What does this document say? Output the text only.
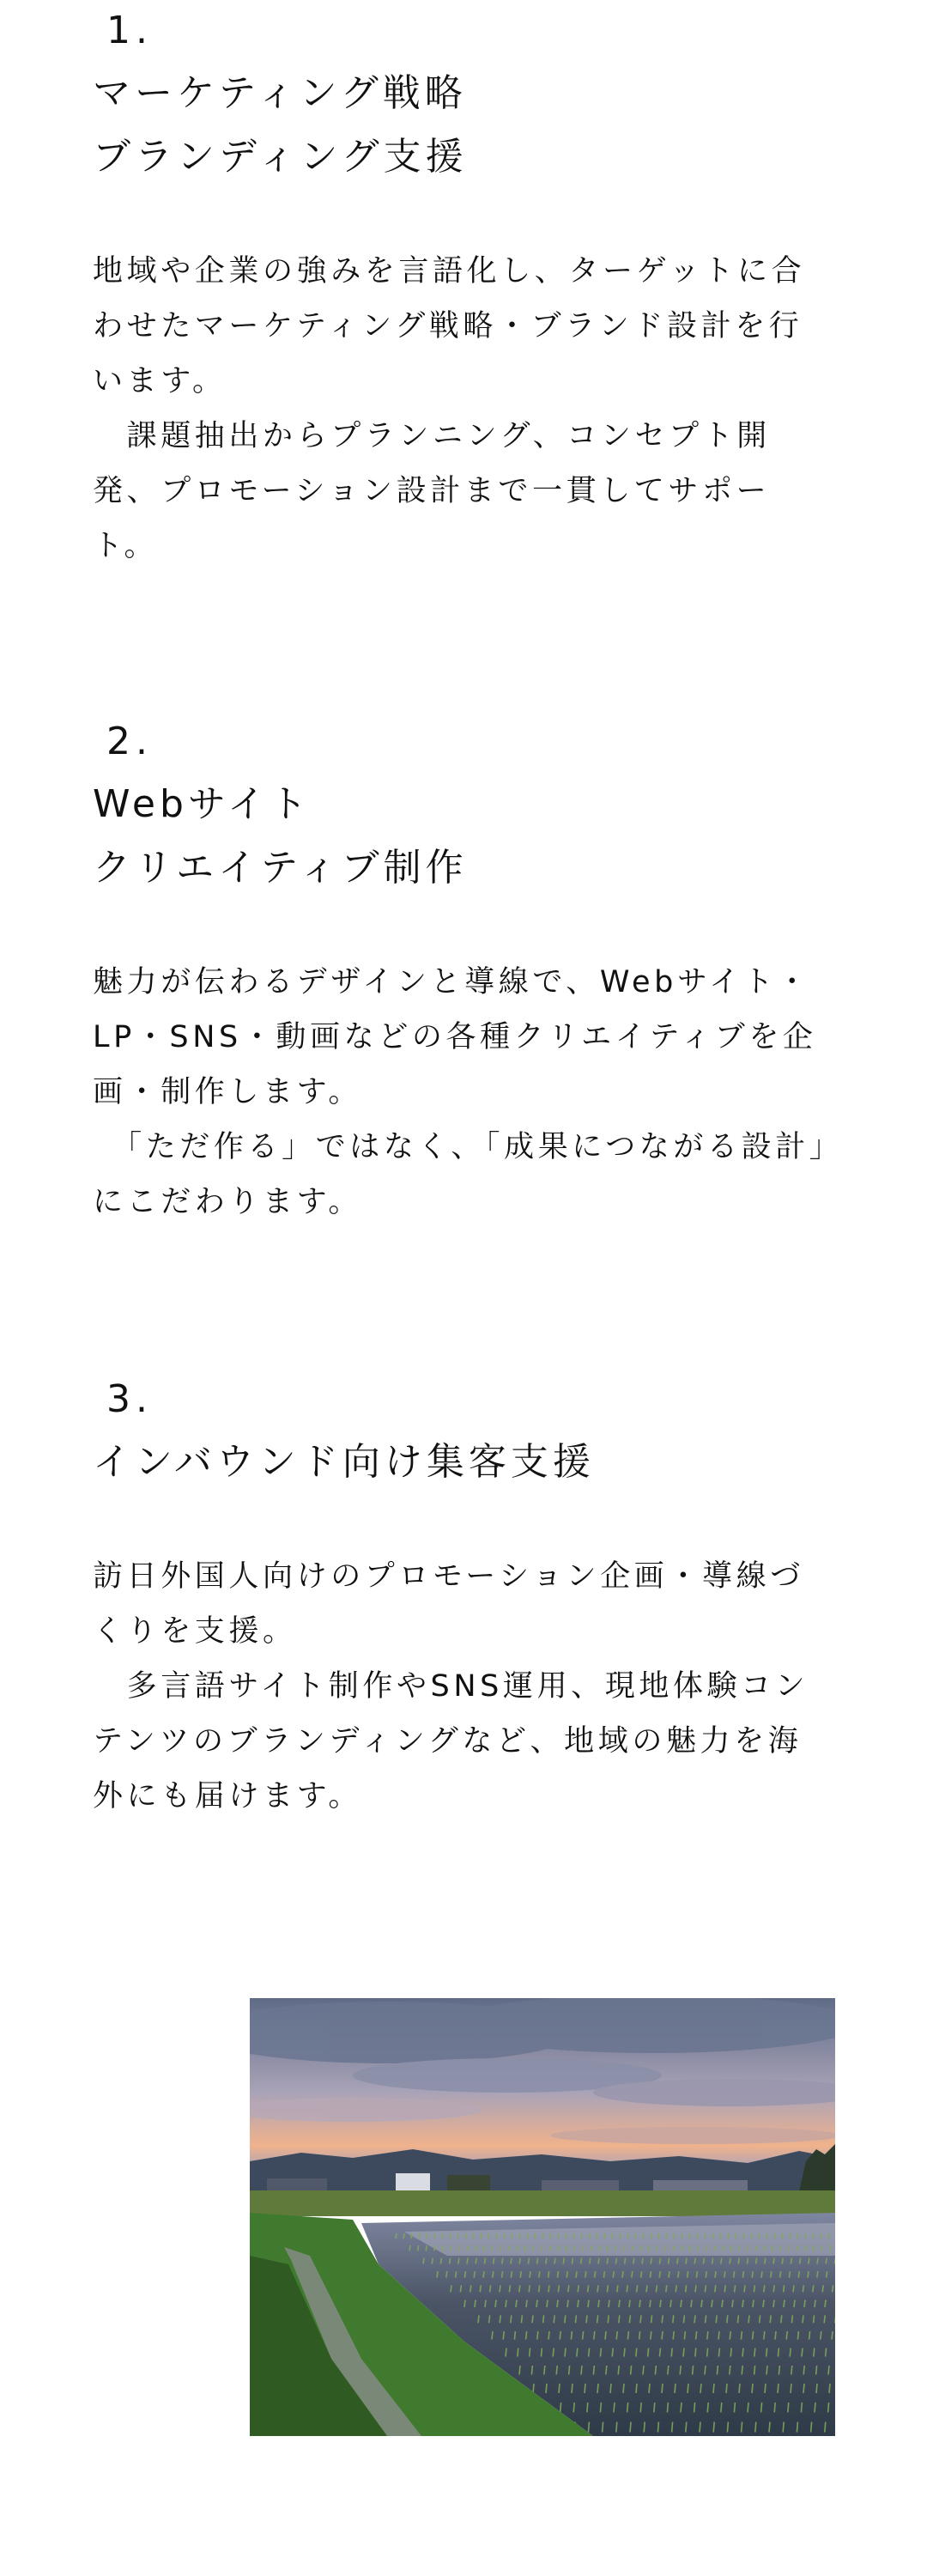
1.
マーケティング戦略
ブランディング支援
地域や企業の強みを言語化し、ターゲットに合わせたマーケティング戦略・ブランド設計を行います。
　課題抽出からプランニング、コンセプト開発、プロモーション設計まで一貫してサポート。
2.
Webサイト
クリエイティブ制作
魅力が伝わるデザインと導線で、Webサイト・LP・SNS・動画などの各種クリエイティブを企画・制作します。
　「ただ作る」ではなく、「成果につながる設計」にこだわります。
3.
インバウンド向け集客支援
訪日外国人向けのプロモーション企画・導線づくりを支援。
　多言語サイト制作やSNS運用、現地体験コンテンツのブランディングなど、地域の魅力を海外にも届けます。
